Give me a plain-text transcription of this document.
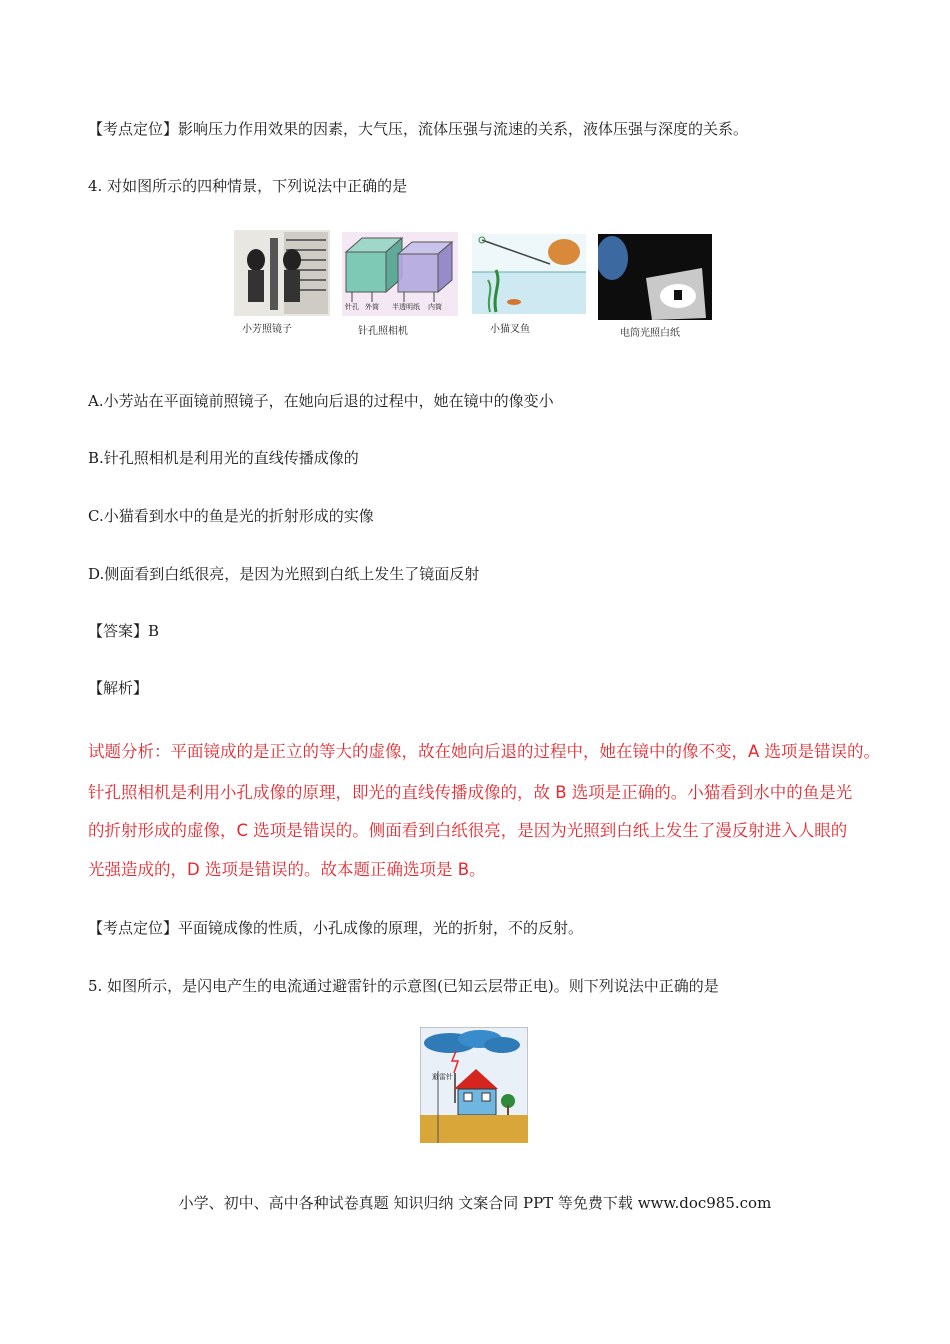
【考点定位】影响压力作用效果的因素，大气压，流体压强与流速的关系，液体压强与深度的关系。
4. 对如图所示的四种情景，下列说法中正确的是
针孔 外筒 半透明纸 内筒
小芳照镜子	针孔照相机	小猫叉鱼	电筒光照白纸
A.小芳站在平面镜前照镜子，在她向后退的过程中，她在镜中的像变小
B.针孔照相机是利用光的直线传播成像的
C.小猫看到水中的鱼是光的折射形成的实像
D.侧面看到白纸很亮，是因为光照到白纸上发生了镜面反射
【答案】B
【解析】
试题分析：平面镜成的是正立的等大的虚像，故在她向后退的过程中，她在镜中的像不变，A 选项是错误的。
针孔照相机是利用小孔成像的原理，即光的直线传播成像的，故 B 选项是正确的。小猫看到水中的鱼是光
的折射形成的虚像，C 选项是错误的。侧面看到白纸很亮，是因为光照到白纸上发生了漫反射进入人眼的
光强造成的，D 选项是错误的。故本题正确选项是 B。
【考点定位】平面镜成像的性质，小孔成像的原理，光的折射，不的反射。
5. 如图所示，是闪电产生的电流通过避雷针的示意图(已知云层带正电)。则下列说法中正确的是
避雷针
小学、初中、高中各种试卷真题 知识归纳 文案合同 PPT 等免费下载 www.doc985.com
